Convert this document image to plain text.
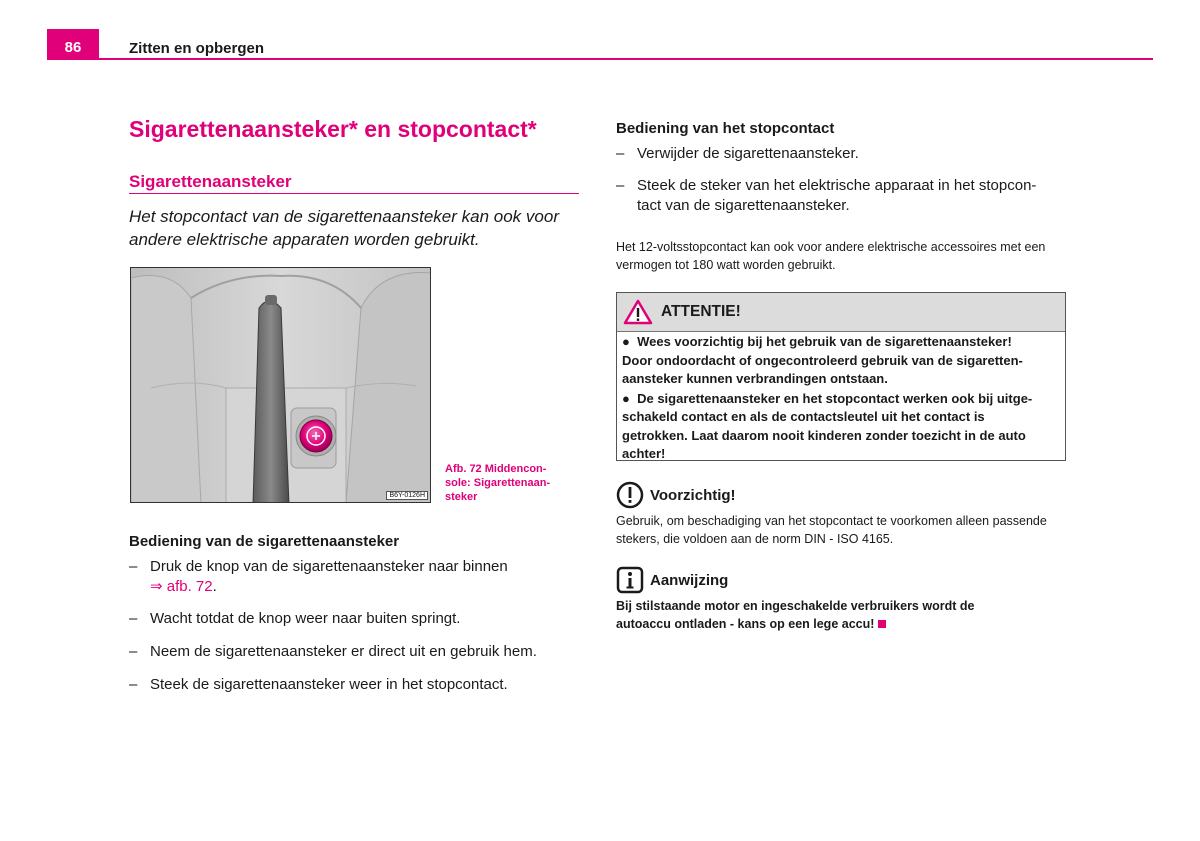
86	Zitten en opbergen
Sigarettenaansteker* en stopcontact*
Sigarettenaansteker
Het stopcontact van de sigarettenaansteker kan ook voor andere elektrische apparaten worden gebruikt.
B6Y-0126H
Afb. 72 Middencon-
sole: Sigarettenaan-
steker
Bediening van de sigarettenaansteker
– Druk de knop van de sigarettenaansteker naar binnen
⇒ afb. 72.
– Wacht totdat de knop weer naar buiten springt.
– Neem de sigarettenaansteker er direct uit en gebruik hem.
– Steek de sigarettenaansteker weer in het stopcontact.
Bediening van het stopcontact
– Verwijder de sigarettenaansteker.
– Steek de steker van het elektrische apparaat in het stopcon-
tact van de sigarettenaansteker.
Het 12-voltsstopcontact kan ook voor andere elektrische accessoires met een vermogen tot 180 watt worden gebruikt.
ATTENTIE!
● Wees voorzichtig bij het gebruik van de sigarettenaansteker!
Door ondoordacht of ongecontroleerd gebruik van de sigaretten-
aansteker kunnen verbrandingen ontstaan.
● De sigarettenaansteker en het stopcontact werken ook bij uitge-
schakeld contact en als de contactsleutel uit het contact is
getrokken. Laat daarom nooit kinderen zonder toezicht in de auto
achter!
Voorzichtig!
Gebruik, om beschadiging van het stopcontact te voorkomen alleen passende stekers, die voldoen aan de norm DIN - ISO 4165.
Aanwijzing
Bij stilstaande motor en ingeschakelde verbruikers wordt de
autoaccu ontladen - kans op een lege accu!
